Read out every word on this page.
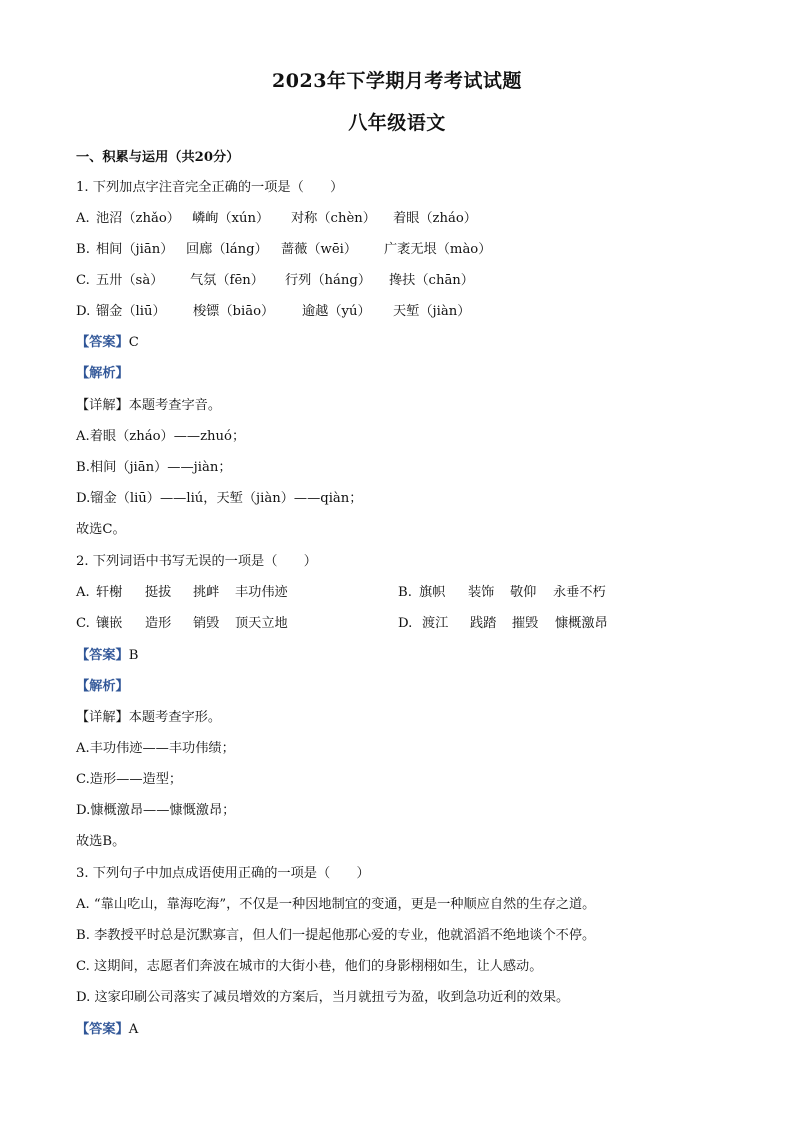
2023年下学期月考考试试题
八年级语文
一、积累与运用（共20分）
1. 下列加点字注音完全正确的一项是（　　）
A. 池沼（zhǎo） 嶙峋（xún） 对称（chèn） 着眼（zháo）
B. 相间（jiān） 回廊（láng） 蔷薇（wēi） 广袤无垠（mào）
C. 五卅（sà） 气氛（fēn） 行列（háng） 搀扶（chān）
D. 镏金（liū） 梭镖（biāo） 逾越（yú） 天堑（jiàn）
【答案】C
【解析】
【详解】本题考查字音。
A.着眼（zháo）——zhuó；
B.相间（jiān）——jiàn；
D.镏金（liū）——liú，天堑（jiàn）——qiàn；
故选C。
2. 下列词语中书写无误的一项是（　　）
A. 轩榭 挺拔 挑衅 丰功伟迹	B. 旗帜 装饰 敬仰 永垂不朽
C. 镶嵌 造形 销毁 顶天立地	D. 渡江 践踏 摧毁 慷概激昂
【答案】B
【解析】
【详解】本题考查字形。
A.丰功伟迹——丰功伟绩；
C.造形——造型；
D.慷概激昂——慷慨激昂；
故选B。
3. 下列句子中加点成语使用正确的一项是（　　）
A. “靠山吃山，靠海吃海”，不仅是一种因地制宜的变通，更是一种顺应自然的生存之道。
B. 李教授平时总是沉默寡言，但人们一提起他那心爱的专业，他就滔滔不绝地谈个不停。
C. 这期间，志愿者们奔波在城市的大街小巷，他们的身影栩栩如生，让人感动。
D. 这家印刷公司落实了减员增效的方案后，当月就扭亏为盈，收到急功近利的效果。
【答案】A
